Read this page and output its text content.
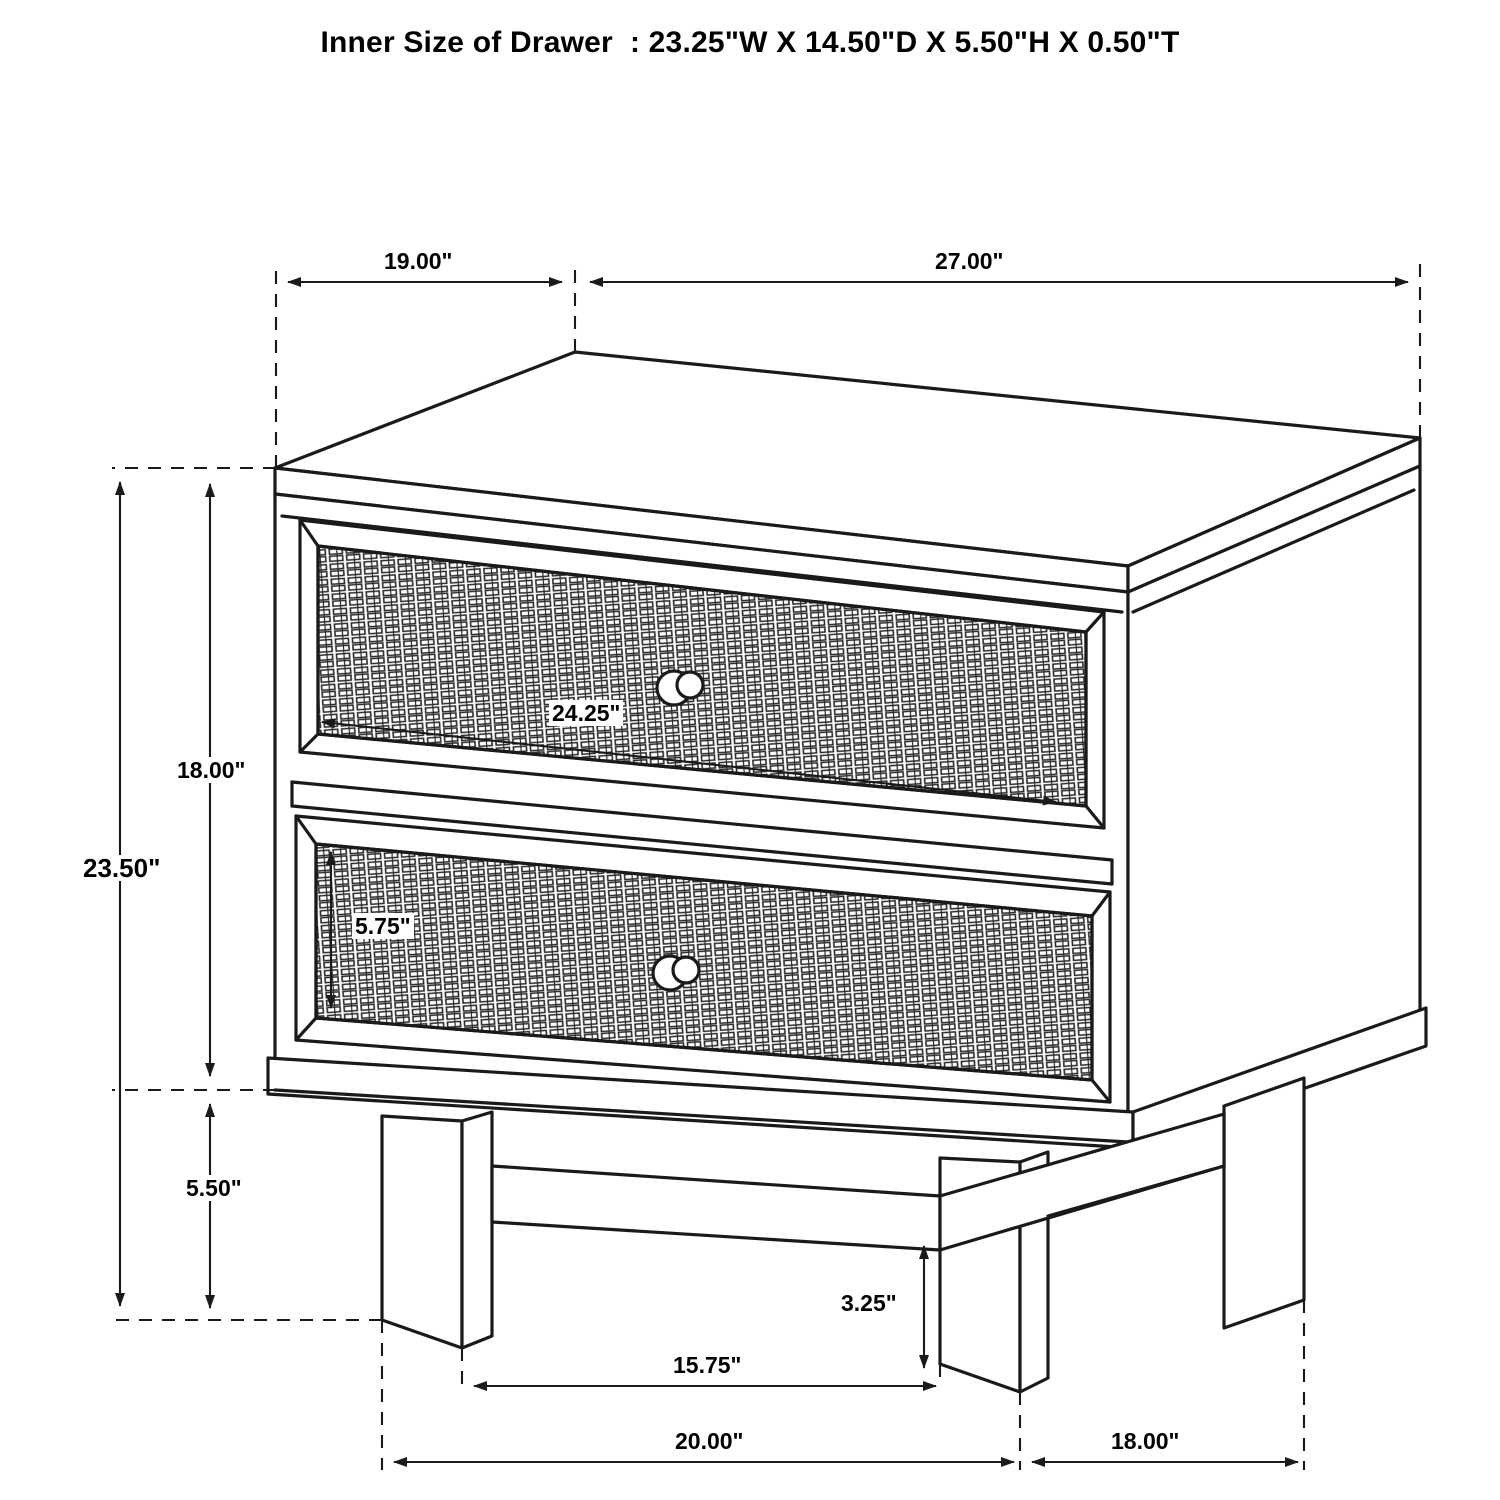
Inner Size of Drawer  : 23.25"W X 14.50"D X 5.50"H X 0.50"T
19.00"	27.00"
24.25"
5.75"
18.00"
23.50"
5.50"
3.25"
15.75"
20.00"	18.00"
